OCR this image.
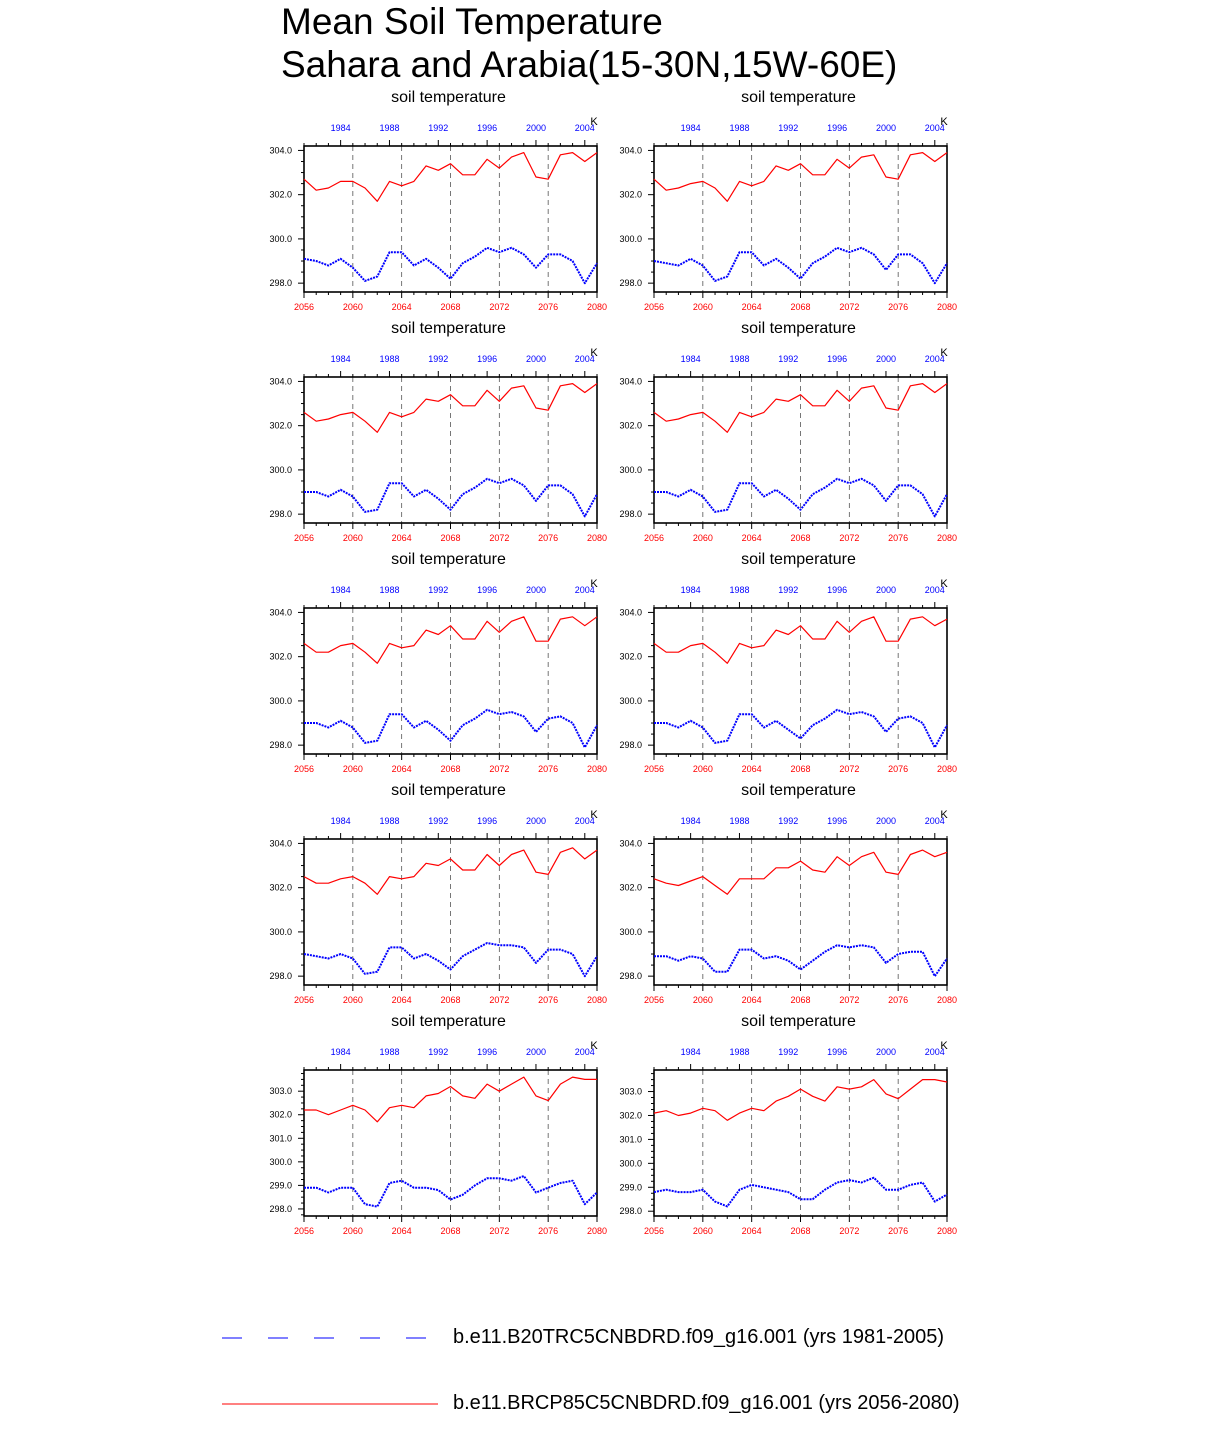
Mean Soil Temperature
Sahara and Arabia(15-30N,15W-60E)
soil temperature
K
2056	2060	2064	2068	2072	2076	2080
1984	1988	1992	1996	2000	2004
298.0
300.0
302.0
304.0
soil temperature
K
2056	2060	2064	2068	2072	2076	2080
1984	1988	1992	1996	2000	2004
298.0
300.0
302.0
304.0
soil temperature
K
2056	2060	2064	2068	2072	2076	2080
1984	1988	1992	1996	2000	2004
298.0
300.0
302.0
304.0
soil temperature
K
2056	2060	2064	2068	2072	2076	2080
1984	1988	1992	1996	2000	2004
298.0
300.0
302.0
304.0
soil temperature
K
2056	2060	2064	2068	2072	2076	2080
1984	1988	1992	1996	2000	2004
298.0
300.0
302.0
304.0
soil temperature
K
2056	2060	2064	2068	2072	2076	2080
1984	1988	1992	1996	2000	2004
298.0
300.0
302.0
304.0
soil temperature
K
2056	2060	2064	2068	2072	2076	2080
1984	1988	1992	1996	2000	2004
298.0
300.0
302.0
304.0
soil temperature
K
2056	2060	2064	2068	2072	2076	2080
1984	1988	1992	1996	2000	2004
298.0
300.0
302.0
304.0
soil temperature
K
2056	2060	2064	2068	2072	2076	2080
1984	1988	1992	1996	2000	2004
298.0
299.0
300.0
301.0
302.0
303.0
soil temperature
K
2056	2060	2064	2068	2072	2076	2080
1984	1988	1992	1996	2000	2004
298.0
299.0
300.0
301.0
302.0
303.0
b.e11.B20TRC5CNBDRD.f09_g16.001 (yrs 1981-2005)
b.e11.BRCP85C5CNBDRD.f09_g16.001 (yrs 2056-2080)
